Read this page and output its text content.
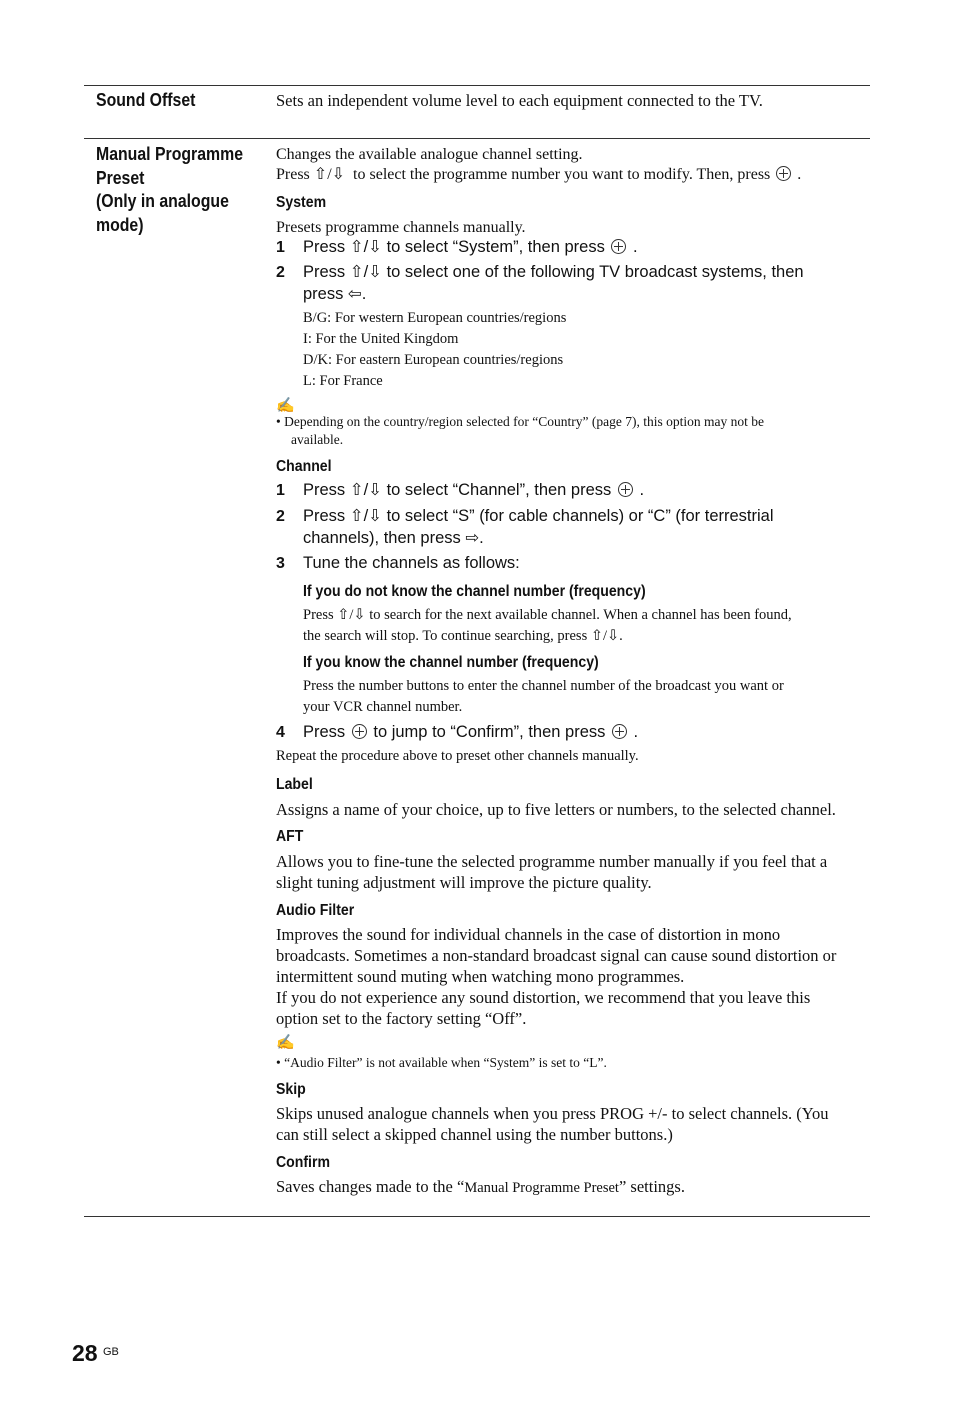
Sound Offset	Sets an independent volume level to each equipment connected to the TV.
Manual Programme
Preset
(Only in analogue
mode)
Changes the available analogue channel setting.
Press ⇧/⇩ to select the programme number you want to modify. Then, press  .
System
Presets programme channels manually.
1 Press ⇧/⇩ to select “System”, then press  .
2 Press ⇧/⇩ to select one of the following TV broadcast systems, then
press ⇦.
B/G: For western European countries/regions
I: For the United Kingdom
D/K: For eastern European countries/regions
L: For France
✍
• Depending on the country/region selected for “Country” (page 7), this option may not be
available.
Channel
1 Press ⇧/⇩ to select “Channel”, then press  .
2 Press ⇧/⇩ to select “S” (for cable channels) or “C” (for terrestrial
channels), then press ⇨.
3 Tune the channels as follows:
If you do not know the channel number (frequency)
Press ⇧/⇩ to search for the next available channel. When a channel has been found,
the search will stop. To continue searching, press ⇧/⇩.
If you know the channel number (frequency)
Press the number buttons to enter the channel number of the broadcast you want or
your VCR channel number.
4 Press to jump to “Confirm”, then press  .
Repeat the procedure above to preset other channels manually.
Label
Assigns a name of your choice, up to five letters or numbers, to the selected channel.
AFT
Allows you to fine-tune the selected programme number manually if you feel that a
slight tuning adjustment will improve the picture quality.
Audio Filter
Improves the sound for individual channels in the case of distortion in mono
broadcasts. Sometimes a non-standard broadcast signal can cause sound distortion or
intermittent sound muting when watching mono programmes.
If you do not experience any sound distortion, we recommend that you leave this
option set to the factory setting “Off”.
✍
• “Audio Filter” is not available when “System” is set to “L”.
Skip
Skips unused analogue channels when you press PROG +/- to select channels. (You
can still select a skipped channel using the number buttons.)
Confirm
Saves changes made to the “Manual Programme Preset” settings.
28 GB
